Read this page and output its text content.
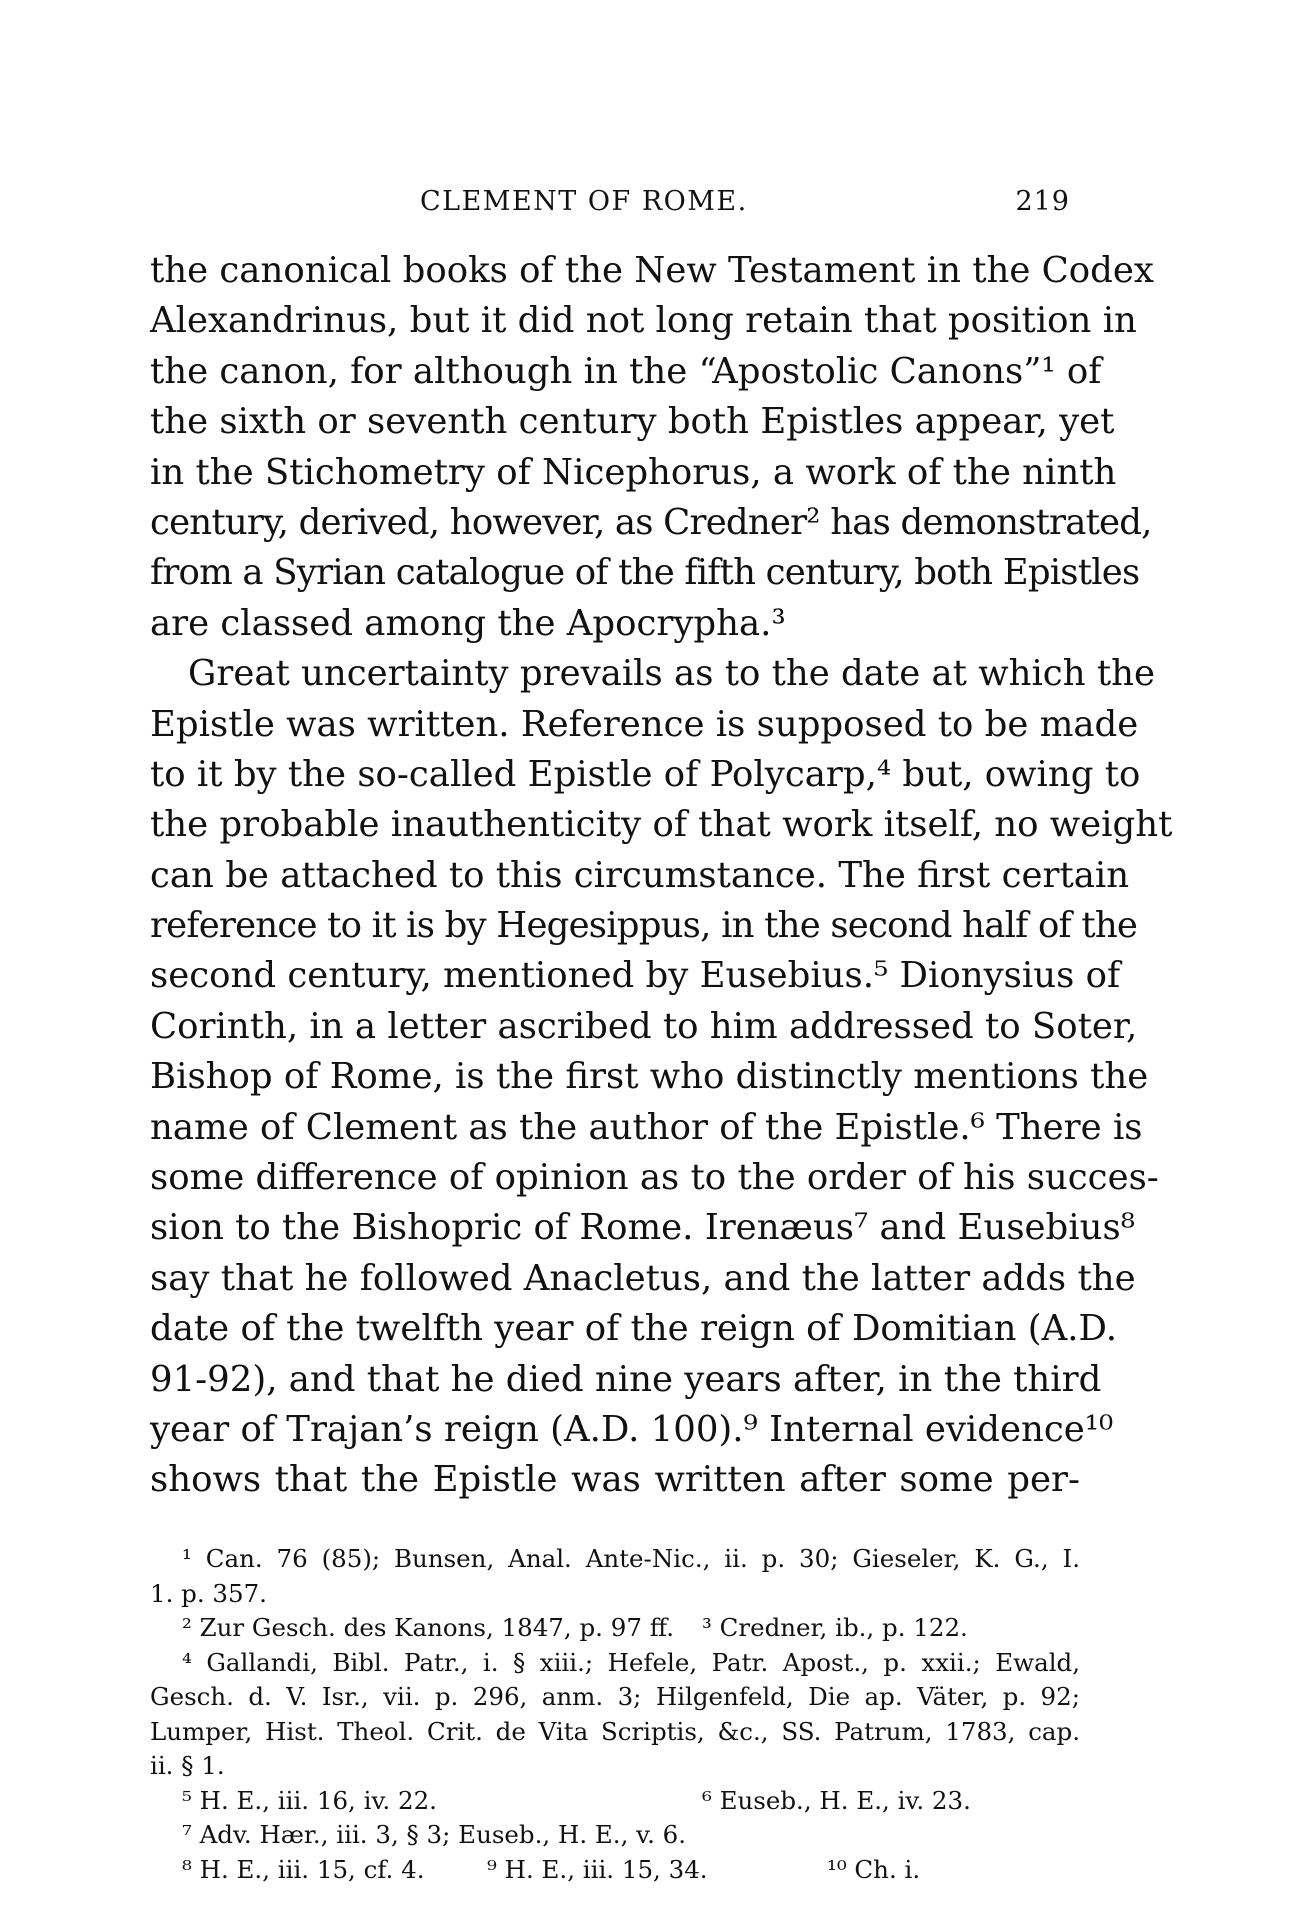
CLEMENT OF ROME.	219
the canonical books of the New Testament in the Codex
Alexandrinus, but it did not long retain that position in
the canon, for although in the “Apostolic Canons”¹ of
the sixth or seventh century both Epistles appear, yet
in the Stichometry of Nicephorus, a work of the ninth
century, derived, however, as Credner² has demonstrated,
from a Syrian catalogue of the fifth century, both Epistles
are classed among the Apocrypha.³
Great uncertainty prevails as to the date at which the
Epistle was written. Reference is supposed to be made
to it by the so-called Epistle of Polycarp,⁴ but, owing to
the probable inauthenticity of that work itself, no weight
can be attached to this circumstance. The first certain
reference to it is by Hegesippus, in the second half of the
second century, mentioned by Eusebius.⁵ Dionysius of
Corinth, in a letter ascribed to him addressed to Soter,
Bishop of Rome, is the first who distinctly mentions the
name of Clement as the author of the Epistle.⁶ There is
some difference of opinion as to the order of his succes-
sion to the Bishopric of Rome. Irenæus⁷ and Eusebius⁸
say that he followed Anacletus, and the latter adds the
date of the twelfth year of the reign of Domitian (A.D.
91-92), and that he died nine years after, in the third
year of Trajan’s reign (A.D. 100).⁹ Internal evidence¹⁰
shows that the Epistle was written after some per-
¹ Can. 76 (85); Bunsen, Anal. Ante-Nic., ii. p. 30; Gieseler, K. G., I.
1. p. 357.
² Zur Gesch. des Kanons, 1847, p. 97 ff.	³ Credner, ib., p. 122.
⁴ Gallandi, Bibl. Patr., i. § xiii.; Hefele, Patr. Apost., p. xxii.; Ewald,
Gesch. d. V. Isr., vii. p. 296, anm. 3; Hilgenfeld, Die ap. Väter, p. 92;
Lumper, Hist. Theol. Crit. de Vita Scriptis, &c., SS. Patrum, 1783, cap.
ii. § 1.
⁵ H. E., iii. 16, iv. 22.	⁶ Euseb., H. E., iv. 23.
⁷ Adv. Hær., iii. 3, § 3; Euseb., H. E., v. 6.
⁸ H. E., iii. 15, cf. 4.	⁹ H. E., iii. 15, 34.	¹⁰ Ch. i.
